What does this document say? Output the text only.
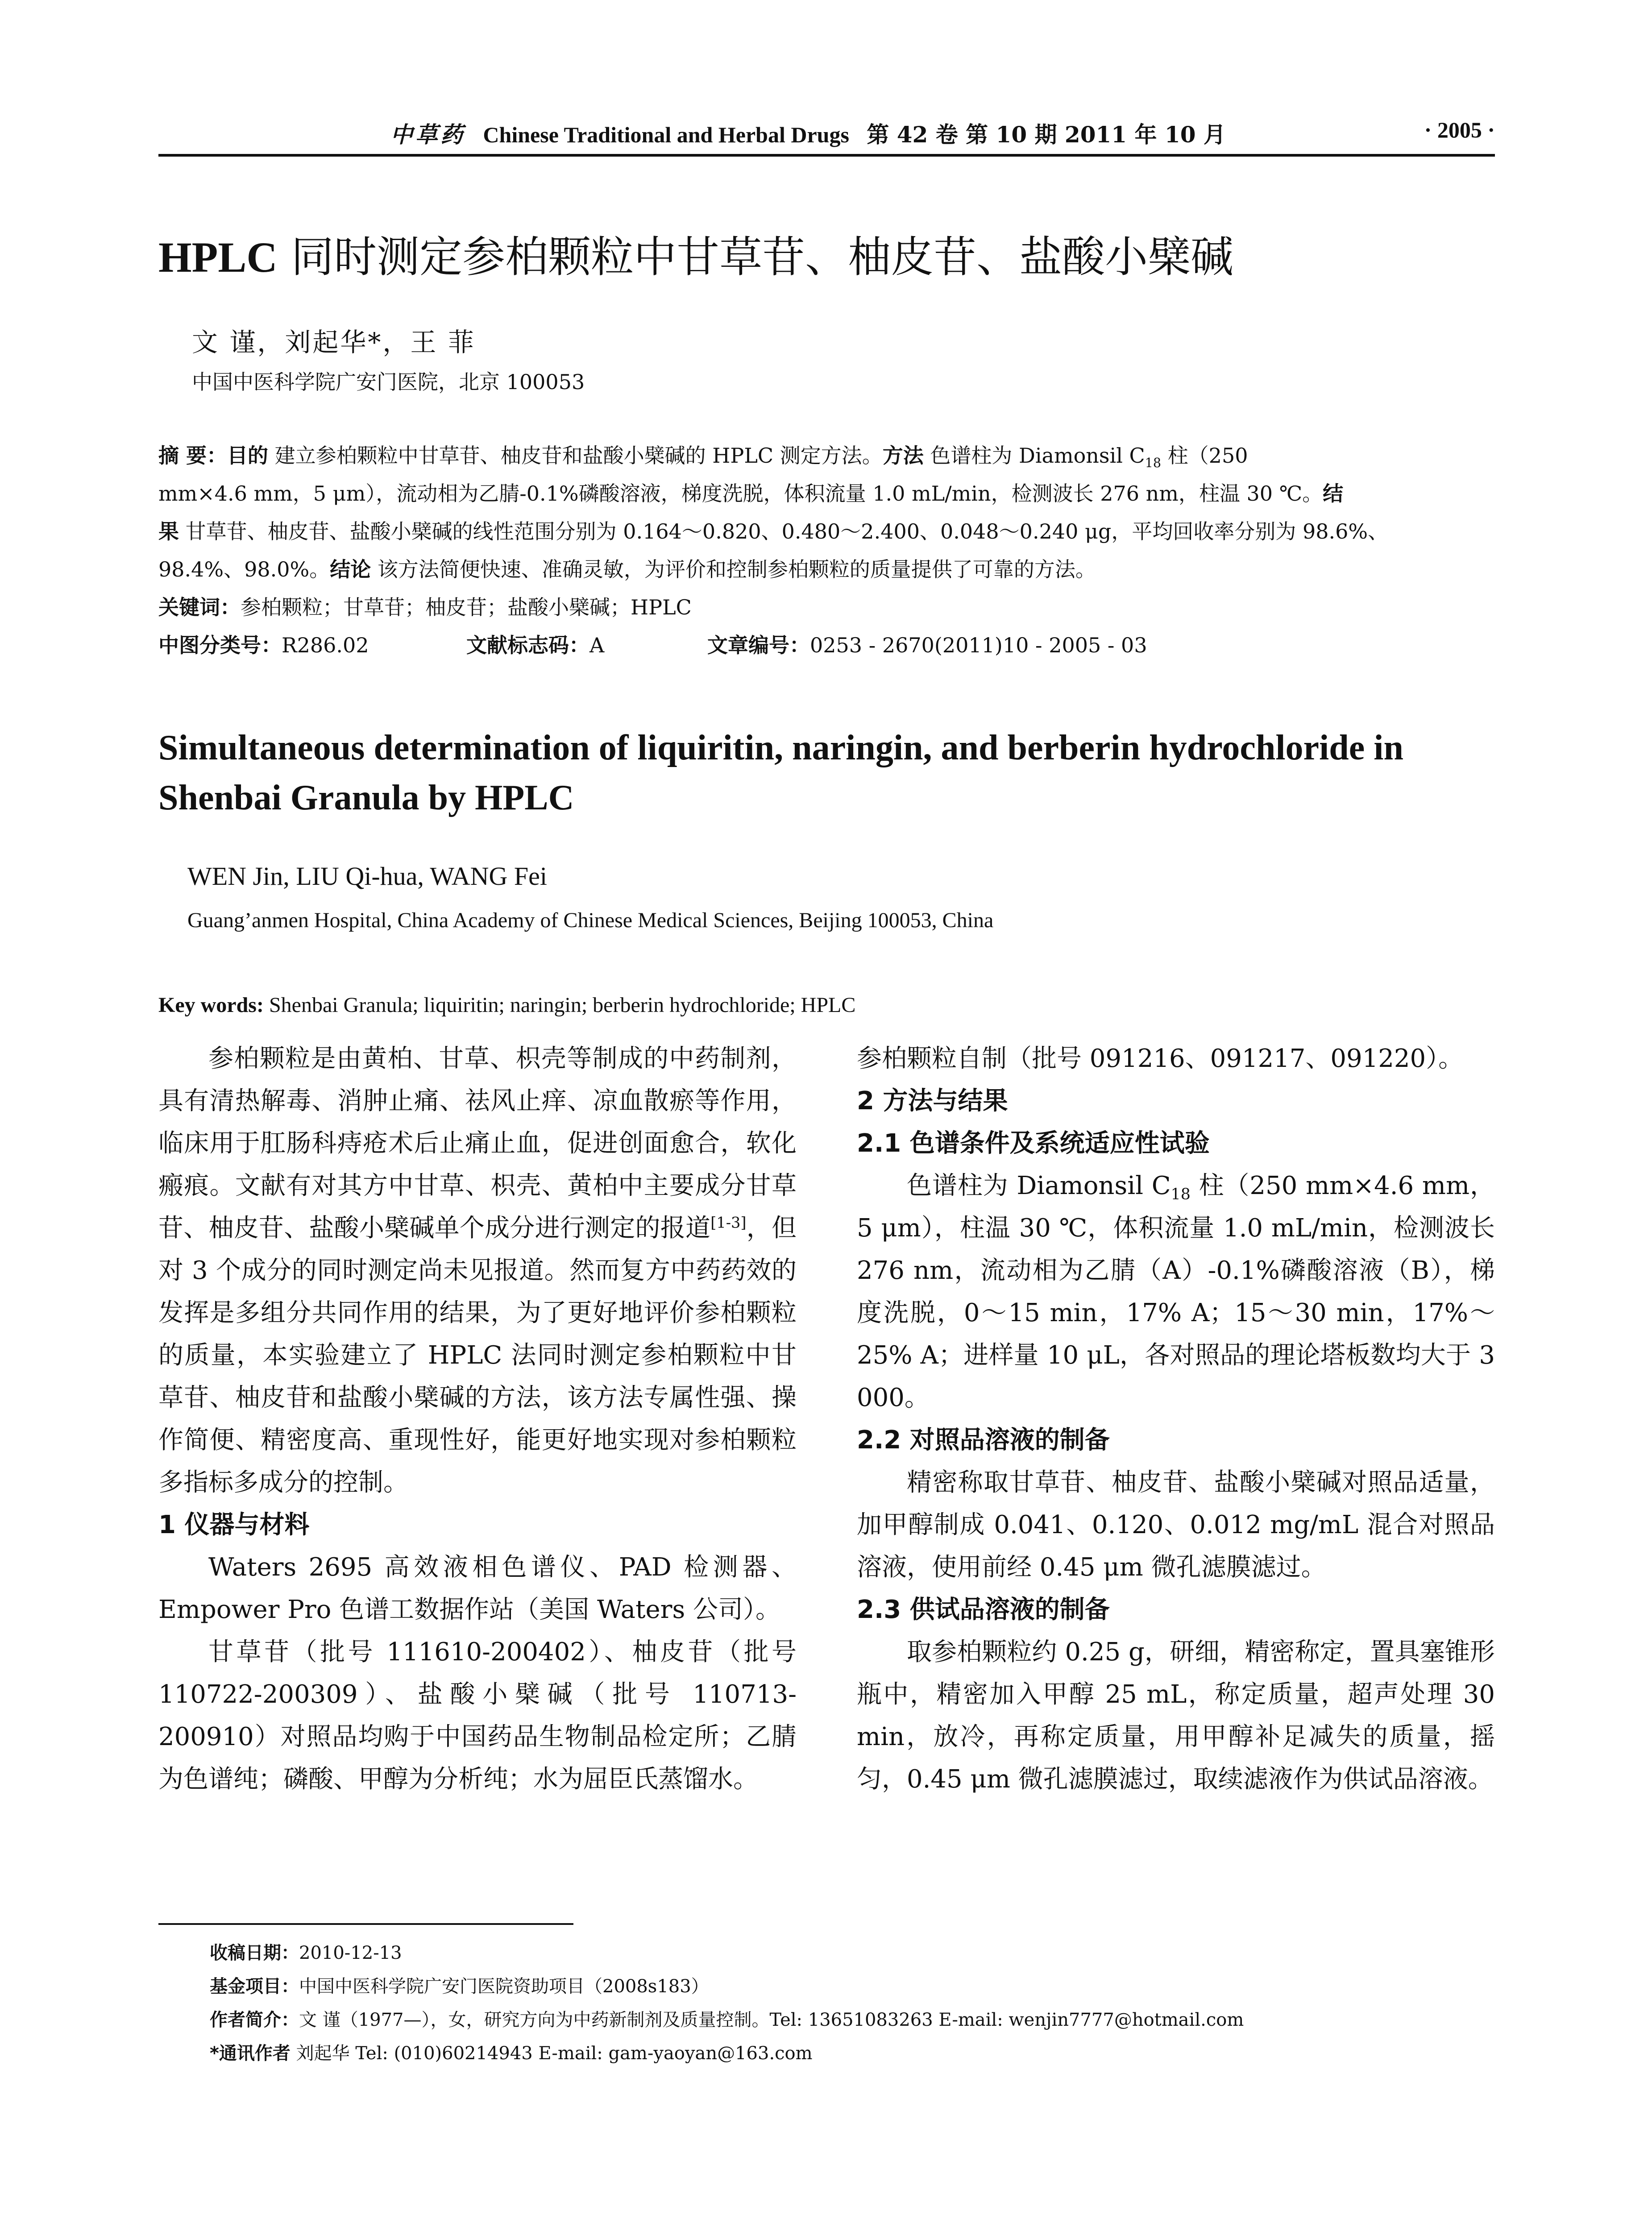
中草药 Chinese Traditional and Herbal Drugs 第 42 卷 第 10 期 2011 年 10 月	· 2005 ·
HPLC 同时测定参柏颗粒中甘草苷、柚皮苷、盐酸小檗碱
文 谨，刘起华*，王 菲
中国中医科学院广安门医院，北京 100053
摘 要：目的 建立参柏颗粒中甘草苷、柚皮苷和盐酸小檗碱的 HPLC 测定方法。方法 色谱柱为 Diamonsil $C_{18}$ 柱（250
mm×4.6 mm，5 μm），流动相为乙腈-0.1%磷酸溶液，梯度洗脱，体积流量 1.0 mL/min，检测波长 276 nm，柱温 30 ℃。结
果 甘草苷、柚皮苷、盐酸小檗碱的线性范围分别为 0.164～0.820、0.480～2.400、0.048～0.240 μg，平均回收率分别为 98.6%、
98.4%、98.0%。结论 该方法简便快速、准确灵敏，为评价和控制参柏颗粒的质量提供了可靠的方法。
关键词：参柏颗粒；甘草苷；柚皮苷；盐酸小檗碱；HPLC
中图分类号：R286.02	文献标志码：A	文章编号：0253 - 2670(2011)10 - 2005 - 03
Simultaneous determination of liquiritin, naringin, and berberin hydrochloride in Shenbai Granula by HPLC
WEN Jin, LIU Qi-hua, WANG Fei
Guang’anmen Hospital, China Academy of Chinese Medical Sciences, Beijing 100053, China
Key words: Shenbai Granula; liquiritin; naringin; berberin hydrochloride; HPLC

参柏颗粒是由黄柏、甘草、枳壳等制成的中药制剂，具有清热解毒、消肿止痛、祛风止痒、凉血散瘀等作用，临床用于肛肠科痔疮术后止痛止血，促进创面愈合，软化瘢痕。文献有对其方中甘草、枳壳、黄柏中主要成分甘草苷、柚皮苷、盐酸小檗碱单个成分进行测定的报道[1-3]，但对 3 个成分的同时测定尚未见报道。然而复方中药药效的发挥是多组分共同作用的结果，为了更好地评价参柏颗粒的质量，本实验建立了 HPLC 法同时测定参柏颗粒中甘草苷、柚皮苷和盐酸小檗碱的方法，该方法专属性强、操作简便、精密度高、重现性好，能更好地实现对参柏颗粒多指标多成分的控制。

1 仪器与材料

Waters 2695 高效液相色谱仪、PAD 检测器、Empower Pro 色谱工数据作站（美国 Waters 公司）。

甘草苷（批号 111610-200402）、柚皮苷（批号 110722-200309）、盐酸小檗碱（批号 110713-200910）对照品均购于中国药品生物制品检定所；乙腈为色谱纯；磷酸、甲醇为分析纯；水为屈臣氏蒸馏水。

参柏颗粒自制（批号 091216、091217、091220）。

2 方法与结果

2.1 色谱条件及系统适应性试验

色谱柱为 Diamonsil $C_{18}$ 柱（250 mm×4.6 mm，5 μm），柱温 30 ℃，体积流量 1.0 mL/min，检测波长 276 nm，流动相为乙腈（A）-0.1%磷酸溶液（B），梯度洗脱，0～15 min，17% A；15～30 min，17%～25% A；进样量 10 μL，各对照品的理论塔板数均大于 3 000。

2.2 对照品溶液的制备

精密称取甘草苷、柚皮苷、盐酸小檗碱对照品适量，加甲醇制成 0.041、0.120、0.012 mg/mL 混合对照品溶液，使用前经 0.45 μm 微孔滤膜滤过。

2.3 供试品溶液的制备

取参柏颗粒约 0.25 g，研细，精密称定，置具塞锥形瓶中，精密加入甲醇 25 mL，称定质量，超声处理 30 min，放冷，再称定质量，用甲醇补足减失的质量，摇匀，0.45 μm 微孔滤膜滤过，取续滤液作为供试品溶液。

收稿日期：2010-12-13
基金项目：中国中医科学院广安门医院资助项目（2008s183）
作者简介：文 谨（1977—），女，研究方向为中药新制剂及质量控制。Tel: 13651083263 E-mail: wenjin7777@hotmail.com
*通讯作者 刘起华 Tel: (010)60214943 E-mail: gam-yaoyan@163.com
